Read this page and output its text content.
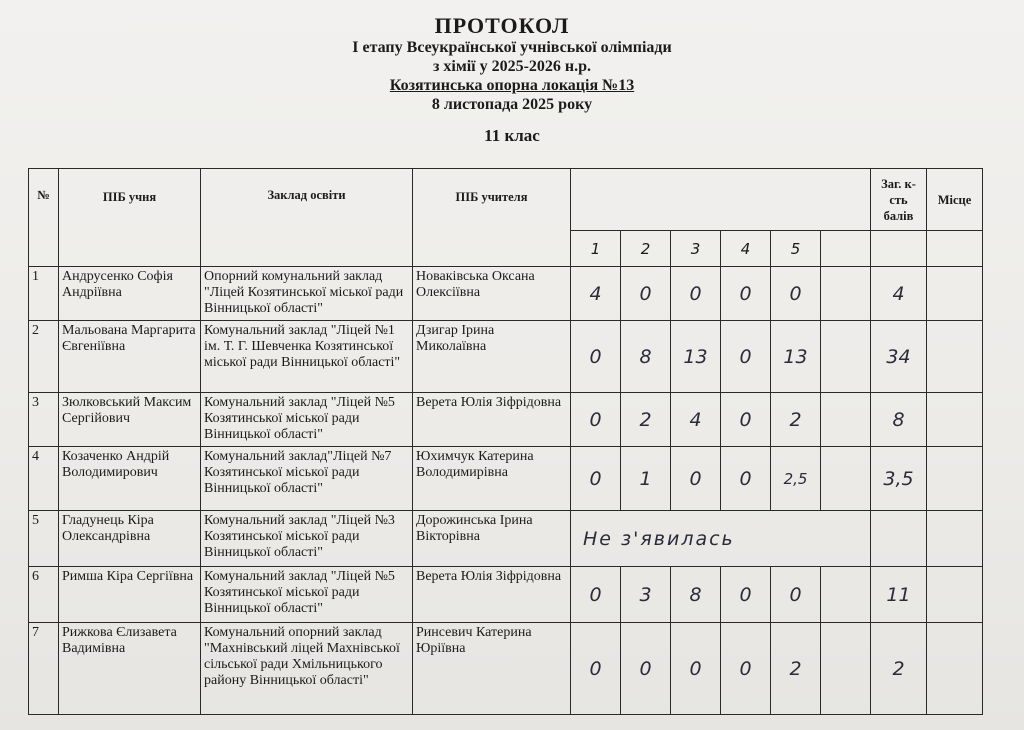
ПРОТОКОЛ
I етапу Всеукраїнської учнівської олімпіади
з хімії у 2025-2026 н.р.
Козятинська опорна локація №13
8 листопада 2025 року
11 клас
№	ПІБ учня	Заклад освіти	ПІБ учителя							Заг. к-сть балів	Місце
				1	2	3	4	5			
1	Андрусенко Софія Андріївна	Опорний комунальний заклад "Ліцей Козятинської міської ради Вінницької області"	Новаківська Оксана Олексіївна	4	0	0	0	0		4	
2	Мальована Маргарита Євгеніївна	Комунальний заклад "Ліцей №1 ім. Т. Г. Шевченка Козятинської міської ради Вінницької області"	Дзигар Ірина Миколаївна	0	8	13	0	13		34	
3	Зюлковський Максим Сергійович	Комунальний заклад "Ліцей №5 Козятинської міської ради Вінницької області"	Верета Юлія Зіфрідовна	0	2	4	0	2		8	
4	Козаченко Андрій Володимирович	Комунальний заклад"Ліцей №7 Козятинської міської ради Вінницької області"	Юхимчук Катерина Володимирівна	0	1	0	0	2,5		3,5	
5	Гладунець Кіра Олександрівна	Комунальний заклад "Ліцей №3 Козятинської міської ради Вінницької області"	Дорожинська Ірина Вікторівна	Не з'явилась							
6	Римша Кіра Сергіївна	Комунальний заклад "Ліцей №5 Козятинської міської ради Вінницької області"	Верета Юлія Зіфрідовна	0	3	8	0	0		11	
7	Рижкова Єлизавета Вадимівна	Комунальний опорний заклад "Махнівський ліцей Махнівської сільської ради Хмільницького району Вінницької області"	Ринсевич Катерина Юріївна	0	0	0	0	2		2	
